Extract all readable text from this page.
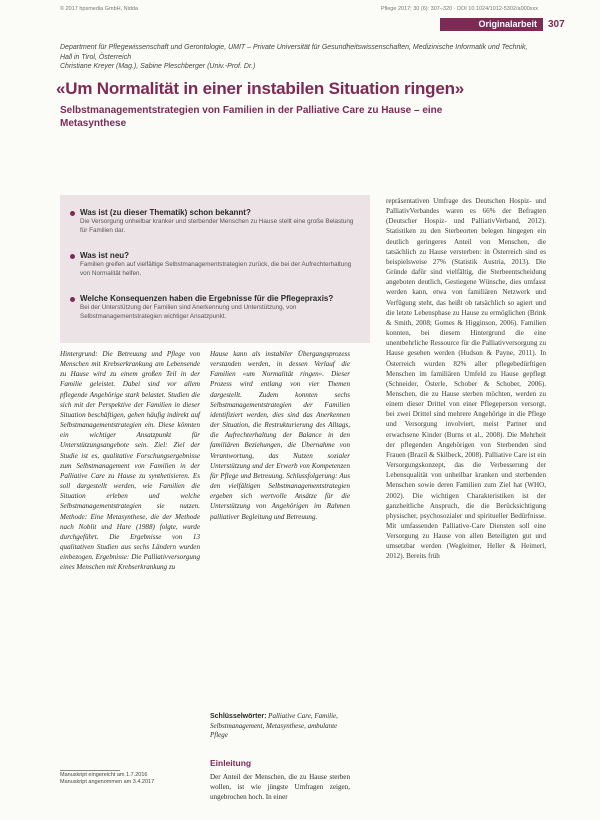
© 2017 hpsmedia GmbH, Nidda	Pflege 2017; 30 (6): 307–320 · DOI 10.1024/1012-5302/a000xxx
Originalarbeit	307
Department für Pflegewissenschaft und Gerontologie, UMIT – Private Universität für Gesundheitswissenschaften, Medizinische Informatik und Technik, Hall in Tirol, Österreich
Christiane Kreyer (Mag.), Sabine Pleschberger (Univ.-Prof. Dr.)
«Um Normalität in einer instabilen Situation ringen»
Selbstmanagementstrategien von Familien in der Palliative Care zu Hause – eine Metasynthese
Was ist (zu dieser Thematik) schon bekannt?
Die Versorgung unheilbar kranker und sterbender Menschen zu Hause stellt eine große Belastung für Familien dar.
Was ist neu?
Familien greifen auf vielfältige Selbstmanagementstrategien zurück, die bei der Aufrechterhaltung von Normalität helfen.
Welche Konsequenzen haben die Ergebnisse für die Pflegepraxis?
Bei der Unterstützung der Familien sind Anerkennung und Unterstützung, von Selbstmanagementstrategien wichtiger Ansatzpunkt.
Hintergrund: Die Betreuung und Pflege von Menschen mit Krebserkrankung am Lebensende zu Hause wird zu einem großen Teil in der Familie geleistet. Dabei sind vor allem pflegende Angehörige stark belastet. Studien die sich mit der Perspektive der Familien in dieser Situation beschäftigen, gehen häufig indirekt auf Selbstmanagementstrategien ein. Diese könnten ein wichtiger Ansatzpunkt für Unterstützungsangebote sein. Ziel: Ziel der Studie ist es, qualitative Forschungsergebnisse zum Selbstmanagement von Familien in der Palliative Care zu Hause zu synthetisieren. Es soll dargestellt werden, wie Familien die Situation erleben und welche Selbstmanagementstrategien sie nutzen. Methode: Eine Metasynthese, die der Methode nach Noblit und Hare (1988) folgte, wurde durchgeführt. Die Ergebnisse von 13 qualitativen Studien aus sechs Ländern wurden einbezogen. Ergebnisse: Die Palliativversorgung eines Menschen mit Krebserkrankung zu
Hause kann als instabiler Übergangsprozess verstanden werden, in dessen Verlauf die Familien «um Normalität ringen». Dieser Prozess wird entlang von vier Themen dargestellt. Zudem konnten sechs Selbstmanagementstrategien der Familien identifiziert werden, dies sind das Anerkennen der Situation, die Restrukturierung des Alltags, die Aufrechterhaltung der Balance in den familiären Beziehungen, die Übernahme von Verantwortung, das Nutzen sozialer Unterstützung und der Erwerb von Kompetenzen für Pflege und Betreuung. Schlussfolgerung: Aus den vielfältigen Selbstmanagementstrategien ergeben sich wertvolle Ansätze für die Unterstützung von Angehörigen im Rahmen palliativer Begleitung und Betreuung.
Schlüsselwörter: Palliative Care, Familie, Selbstmanagement, Metasynthese, ambulante Pflege
Einleitung
Der Anteil der Menschen, die zu Hause sterben wollen, ist wie jüngste Umfragen zeigen, ungebrochen hoch. In einer
repräsentativen Umfrage des Deutschen Hospiz- und PalliativVerbandes waren es 66% der Befragten (Deutscher Hospiz- und PalliativVerband, 2012). Statistiken zu den Sterbeorten belegen hingegen ein deutlich geringeres Anteil von Menschen, die tatsächlich zu Hause versterben: in Österreich sind es beispielsweise 27% (Statistik Austria, 2013). Die Gründe dafür sind vielfältig, die Sterbeentscheidung angeboten deutlich, Gestiegene Wünsche, dies umfasst werden kann, etwa von familiären Netzwerk und Verfügung steht, das heißt ob tatsächlich so agiert und die letzte Lebensphase zu Hause zu ermöglichen (Brink & Smith, 2008; Gomes & Higginson, 2006). Familien konnten, bei diesem Hintergrund die eine unentbehrliche Ressource für die Palliativversorgung zu Hause gesehen werden (Hudson & Payne, 2011). In Österreich wurden 82% aller pflegebedürftigen Menschen im familiären Umfeld zu Hause gepflegt (Schneider, Österle, Schober & Schober, 2006). Menschen, die zu Hause sterben möchten, werden zu einem dieser Drittel von einer Pflegeperson versorgt, bei zwei Drittel sind mehrere Angehörige in die Pflege und Versorgung involviert, meist Partner und erwachsene Kinder (Burns et al., 2008). Die Mehrheit der pflegenden Angehörigen von Sterbenden sind Frauen (Brazil & Skilbeck, 2008). Palliative Care ist ein Versorgungskonzept, das die Verbesserung der Lebensqualität von unheilbar kranken und sterbenden Menschen sowie deren Familien zum Ziel hat (WHO, 2002). Die wichtigen Charakteristiken ist der ganzheitliche Anspruch, die die Berücksichtigung physischer, psychosozialer und spiritueller Bedürfnisse. Mit umfassenden Palliative-Care Diensten soll eine Versorgung zu Hause von allen Beteiligten gut und umsetzbar werden (Wegleitner, Heller & Heimerl, 2012). Bereits früh
Manuskript eingereicht am 1.7.2016
Manuskript angenommen am 3.4.2017
